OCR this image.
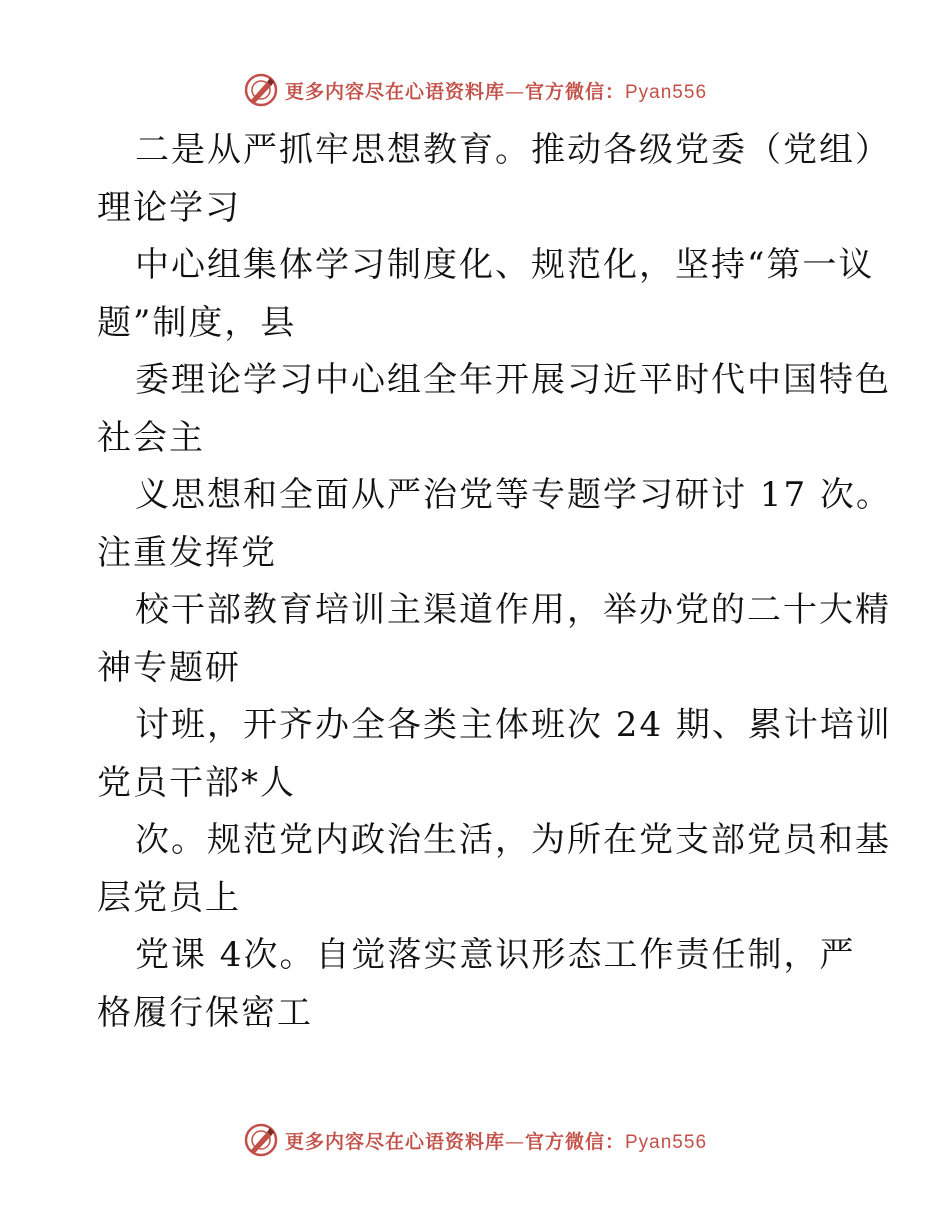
更多内容尽在心语资料库—官方微信：Pyan556

二是从严抓牢思想教育。推动各级党委（党组）
理论学习

中心组集体学习制度化、规范化，坚持“第一议
题”制度，县

委理论学习中心组全年开展习近平时代中国特色
社会主

义思想和全面从严治党等专题学习研讨 17 次。
注重发挥党

校干部教育培训主渠道作用，举办党的二十大精
神专题研

讨班，开齐办全各类主体班次 24 期、累计培训
党员干部*人

次。规范党内政治生活，为所在党支部党员和基
层党员上

党课 4次。自觉落实意识形态工作责任制，严
格履行保密工

更多内容尽在心语资料库—官方微信：Pyan556
